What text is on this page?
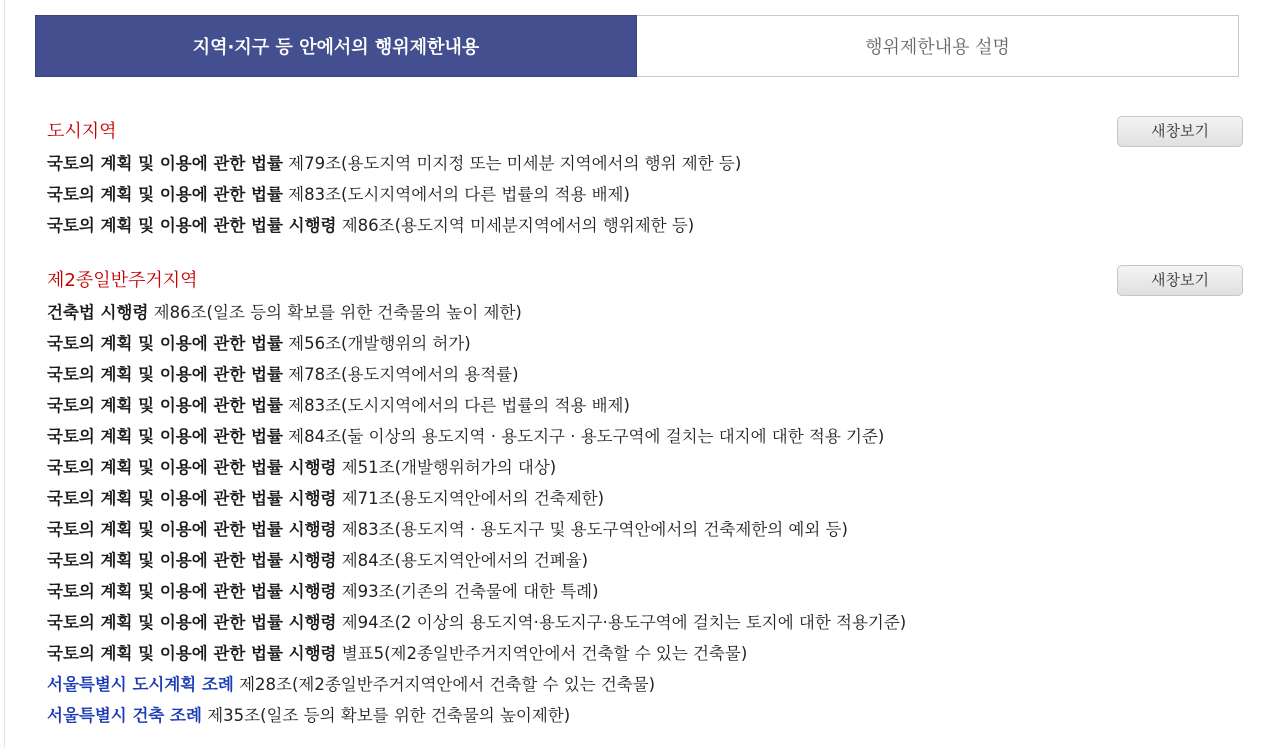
지역·지구 등 안에서의 행위제한내용	행위제한내용 설명
도시지역	새창보기
국토의 계획 및 이용에 관한 법률 제79조(용도지역 미지정 또는 미세분 지역에서의 행위 제한 등)
국토의 계획 및 이용에 관한 법률 제83조(도시지역에서의 다른 법률의 적용 배제)
국토의 계획 및 이용에 관한 법률 시행령 제86조(용도지역 미세분지역에서의 행위제한 등)
제2종일반주거지역	새창보기
건축법 시행령 제86조(일조 등의 확보를 위한 건축물의 높이 제한)
국토의 계획 및 이용에 관한 법률 제56조(개발행위의 허가)
국토의 계획 및 이용에 관한 법률 제78조(용도지역에서의 용적률)
국토의 계획 및 이용에 관한 법률 제83조(도시지역에서의 다른 법률의 적용 배제)
국토의 계획 및 이용에 관한 법률 제84조(둘 이상의 용도지역 · 용도지구 · 용도구역에 걸치는 대지에 대한 적용 기준)
국토의 계획 및 이용에 관한 법률 시행령 제51조(개발행위허가의 대상)
국토의 계획 및 이용에 관한 법률 시행령 제71조(용도지역안에서의 건축제한)
국토의 계획 및 이용에 관한 법률 시행령 제83조(용도지역 · 용도지구 및 용도구역안에서의 건축제한의 예외 등)
국토의 계획 및 이용에 관한 법률 시행령 제84조(용도지역안에서의 건폐율)
국토의 계획 및 이용에 관한 법률 시행령 제93조(기존의 건축물에 대한 특례)
국토의 계획 및 이용에 관한 법률 시행령 제94조(2 이상의 용도지역·용도지구·용도구역에 걸치는 토지에 대한 적용기준)
국토의 계획 및 이용에 관한 법률 시행령 별표5(제2종일반주거지역안에서 건축할 수 있는 건축물)
서울특별시 도시계획 조례 제28조(제2종일반주거지역안에서 건축할 수 있는 건축물)
서울특별시 건축 조례 제35조(일조 등의 확보를 위한 건축물의 높이제한)
